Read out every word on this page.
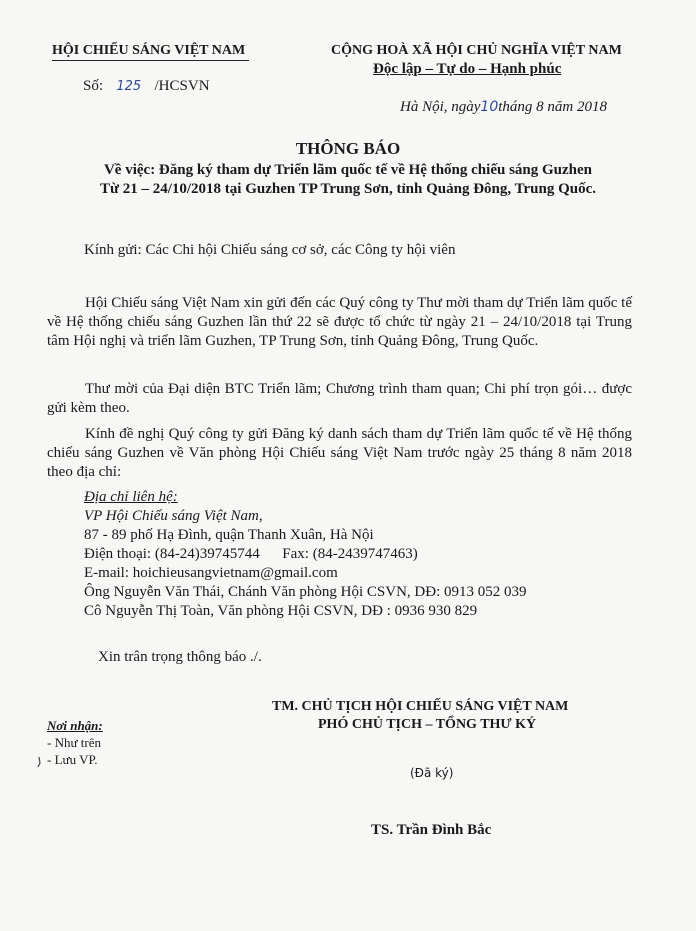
HỘI CHIẾU SÁNG VIỆT NAM
Số: 125 /HCSVN
CỘNG HOÀ XÃ HỘI CHỦ NGHĨA VIỆT NAM
Độc lập – Tự do – Hạnh phúc
Hà Nội, ngày10tháng 8 năm 2018
THÔNG BÁO
Về việc: Đăng ký tham dự Triển lãm quốc tế về Hệ thống chiếu sáng Guzhen
Từ 21 – 24/10/2018 tại Guzhen TP Trung Sơn, tỉnh Quảng Đông, Trung Quốc.
Kính gửi: Các Chi hội Chiếu sáng cơ sở, các Công ty hội viên
Hội Chiếu sáng Việt Nam xin gửi đến các Quý công ty Thư mời tham dự Triển lãm quốc tế về Hệ thống chiếu sáng Guzhen lần thứ 22 sẽ được tổ chức từ ngày 21 – 24/10/2018 tại Trung tâm Hội nghị và triển lãm Guzhen, TP Trung Sơn, tỉnh Quảng Đông, Trung Quốc.
Thư mời của Đại diện BTC Triển lãm; Chương trình tham quan; Chi phí trọn gói… được gửi kèm theo.
Kính đề nghị Quý công ty gửi Đăng ký danh sách tham dự Triển lãm quốc tế về Hệ thống chiếu sáng Guzhen về Văn phòng Hội Chiếu sáng Việt Nam trước ngày 25 tháng 8 năm 2018 theo địa chỉ:
Địa chỉ liên hệ:
VP Hội Chiếu sáng Việt Nam,
87 - 89 phố Hạ Đình, quận Thanh Xuân, Hà Nội
Điện thoại: (84-24)39745744      Fax: (84-2439747463)
E-mail: hoichieusangvietnam@gmail.com
Ông Nguyễn Văn Thái, Chánh Văn phòng Hội CSVN, DĐ: 0913 052 039
Cô Nguyễn Thị Toàn, Văn phòng Hội CSVN, DĐ : 0936 930 829
Xin trân trọng thông báo ./.
TM. CHỦ TỊCH HỘI CHIẾU SÁNG VIỆT NAM
PHÓ CHỦ TỊCH – TỔNG THƯ KÝ
(Đã ký)
TS. Trần Đình Bắc
Nơi nhận:
- Như trên
- Lưu VP.
